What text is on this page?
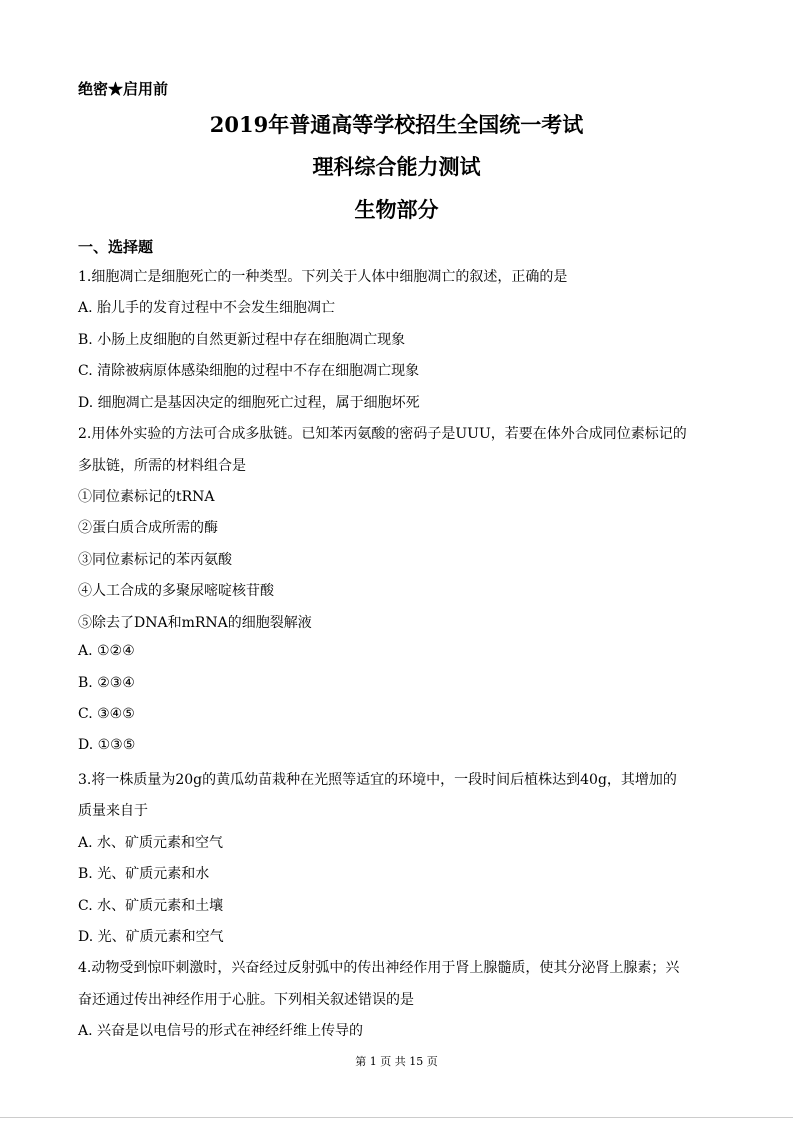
绝密★启用前
2019年普通高等学校招生全国统一考试
理科综合能力测试
生物部分
一、选择题
1.细胞凋亡是细胞死亡的一种类型。下列关于人体中细胞凋亡的叙述，正确的是
A. 胎儿手的发育过程中不会发生细胞凋亡
B. 小肠上皮细胞的自然更新过程中存在细胞凋亡现象
C. 清除被病原体感染细胞的过程中不存在细胞凋亡现象
D. 细胞凋亡是基因决定的细胞死亡过程，属于细胞坏死
2.用体外实验的方法可合成多肽链。已知苯丙氨酸的密码子是UUU，若要在体外合成同位素标记的
多肽链，所需的材料组合是
①同位素标记的tRNA
②蛋白质合成所需的酶
③同位素标记的苯丙氨酸
④人工合成的多聚尿嘧啶核苷酸
⑤除去了DNA和mRNA的细胞裂解液
A. ①②④
B. ②③④
C. ③④⑤
D. ①③⑤
3.将一株质量为20g的黄瓜幼苗栽种在光照等适宜的环境中，一段时间后植株达到40g，其增加的
质量来自于
A. 水、矿质元素和空气
B. 光、矿质元素和水
C. 水、矿质元素和土壤
D. 光、矿质元素和空气
4.动物受到惊吓刺激时，兴奋经过反射弧中的传出神经作用于肾上腺髓质，使其分泌肾上腺素；兴
奋还通过传出神经作用于心脏。下列相关叙述错误的是
A. 兴奋是以电信号的形式在神经纤维上传导的
第 1 页 共 15 页
